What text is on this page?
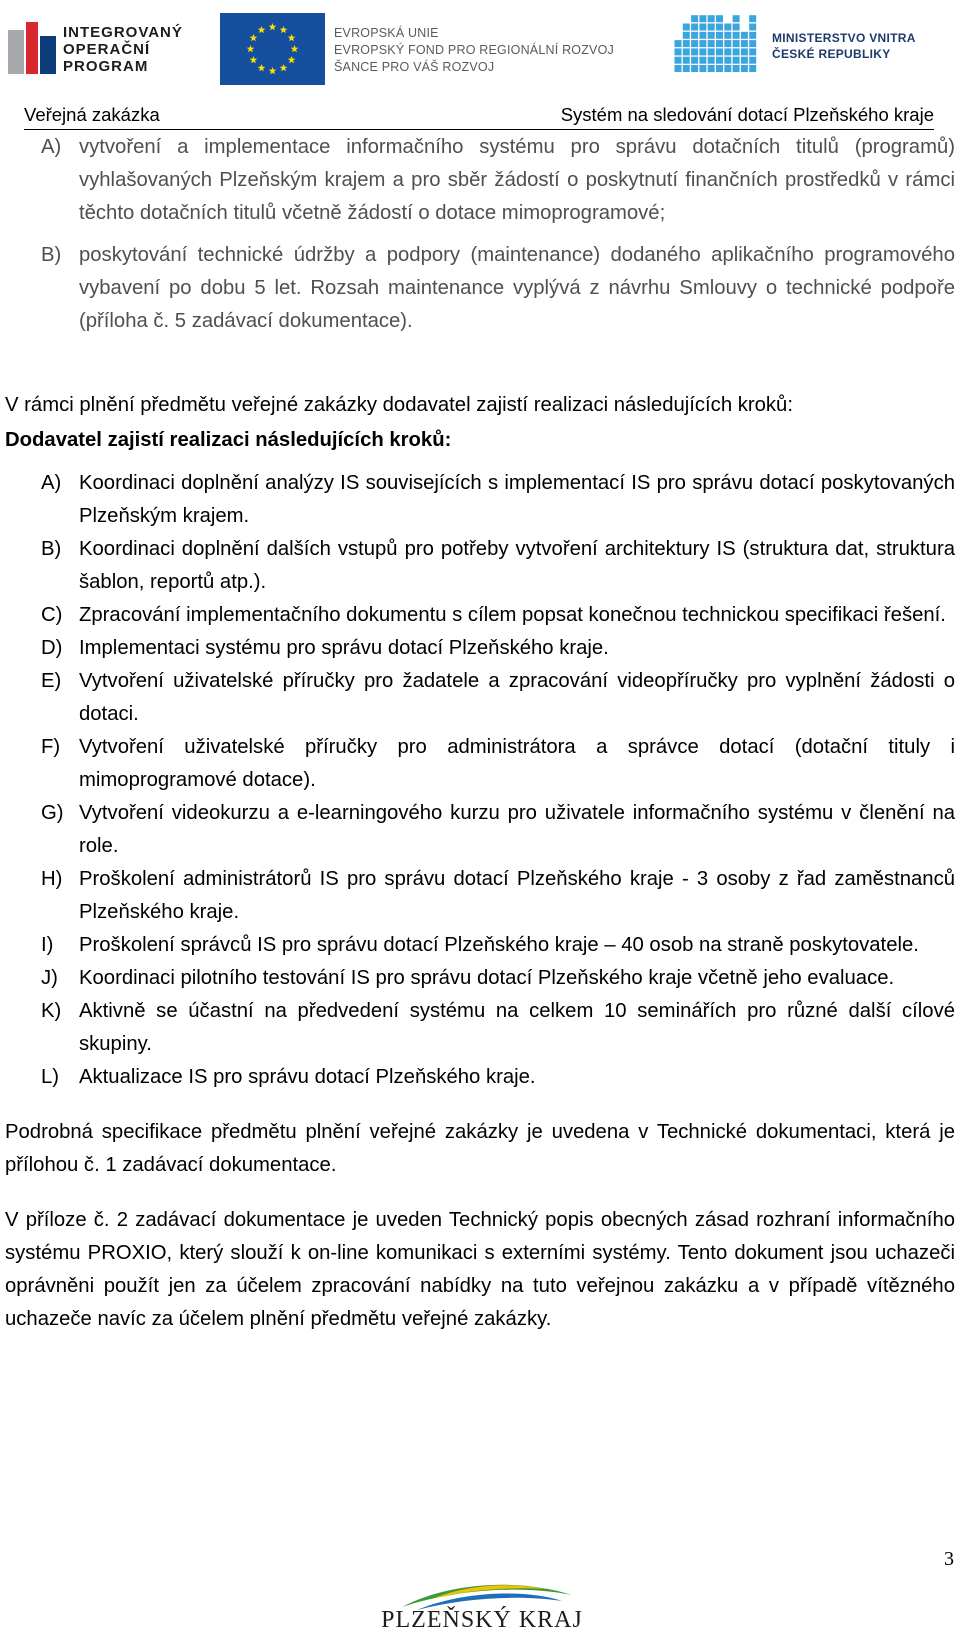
INTEGROVANÝ
OPERAČNÍ
PROGRAM
EVROPSKÁ UNIE
EVROPSKÝ FOND PRO REGIONÁLNÍ ROZVOJ
ŠANCE PRO VÁŠ ROZVOJ
MINISTERSTVO VNITRA
ČESKÉ REPUBLIKY
Veřejná zakázka	Systém na sledování dotací Plzeňského kraje
A) vytvoření a implementace informačního systému pro správu dotačních titulů (programů) vyhlašovaných Plzeňským krajem a pro sběr žádostí o poskytnutí finančních prostředků v rámci těchto dotačních titulů včetně žádostí o dotace mimoprogramové;
B) poskytování technické údržby a podpory (maintenance) dodaného aplikačního programového vybavení po dobu 5 let. Rozsah maintenance vyplývá z návrhu Smlouvy o technické podpoře (příloha č. 5 zadávací dokumentace).

V rámci plnění předmětu veřejné zakázky dodavatel zajistí realizaci následujících kroků:

Dodavatel zajistí realizaci následujících kroků:

A) Koordinaci doplnění analýzy IS souvisejících s implementací IS pro správu dotací poskytovaných Plzeňským krajem.
B) Koordinaci doplnění dalších vstupů pro potřeby vytvoření architektury IS (struktura dat, struktura šablon, reportů atp.).
C) Zpracování implementačního dokumentu s cílem popsat konečnou technickou specifikaci řešení.
D) Implementaci systému pro správu dotací Plzeňského kraje.
E) Vytvoření uživatelské příručky pro žadatele a zpracování videopříručky pro vyplnění žádosti o dotaci.
F) Vytvoření uživatelské příručky pro administrátora a správce dotací (dotační tituly i mimoprogramové dotace).
G) Vytvoření videokurzu a e-learningového kurzu pro uživatele informačního systému v členění na role.
H) Proškolení administrátorů IS pro správu dotací Plzeňského kraje - 3 osoby z řad zaměstnanců Plzeňského kraje.
I)	Proškolení správců IS pro správu dotací Plzeňského kraje – 40 osob na straně poskytovatele.
J)	Koordinaci pilotního testování IS pro správu dotací Plzeňského kraje včetně jeho evaluace.
K) Aktivně se účastní na předvedení systému na celkem 10 seminářích pro různé další cílové skupiny.
L) Aktualizace IS pro správu dotací Plzeňského kraje.

Podrobná specifikace předmětu plnění veřejné zakázky je uvedena v Technické dokumentaci, která je přílohou č. 1 zadávací dokumentace.

V příloze č. 2 zadávací dokumentace je uveden Technický popis obecných zásad rozhraní informačního systému PROXIO, který slouží k on-line komunikaci s externími systémy. Tento dokument jsou uchazeči oprávněni použít jen za účelem zpracování nabídky na tuto veřejnou zakázku a v případě vítězného uchazeče navíc za účelem plnění předmětu veřejné zakázky.

3
PLZEŇSKÝ KRAJ
